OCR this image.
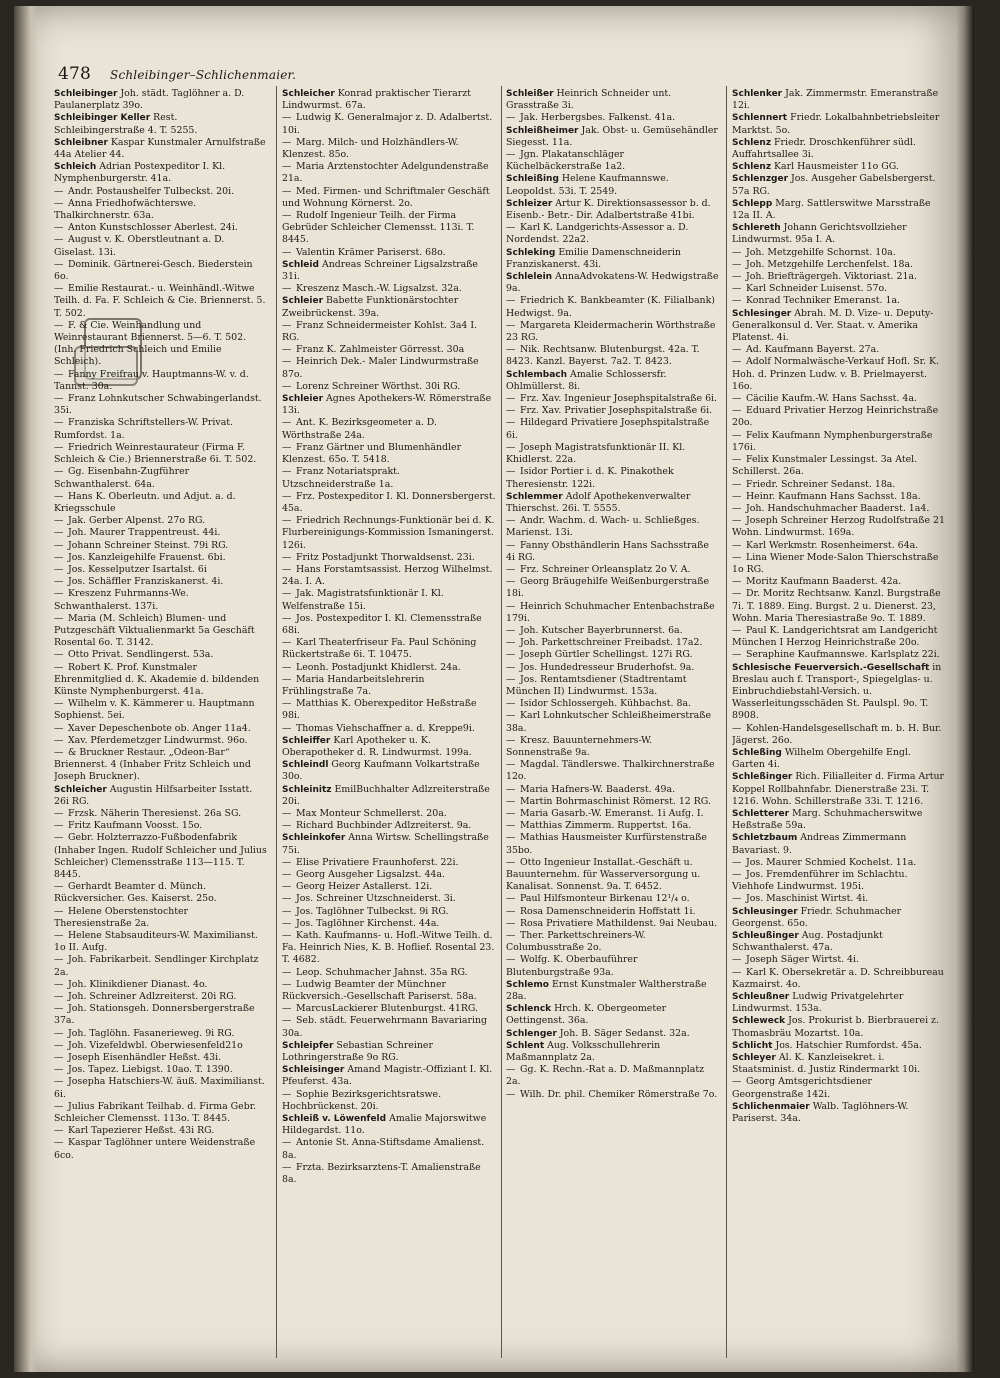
478 Schleibinger–Schlichenmaier.

Schleibinger Joh. städt. Taglöhner a. D. Paulanerplatz 39o.

Schleibinger Keller Rest. Schleibingerstraße 4. T. 5255.

Schleibner Kaspar Kunstmaler Arnulfstraße 44a Atelier 44.

Schleich Adrian Postexpeditor I. Kl. Nymphenburgerstr. 41a.

— Andr. Postaushelfer Tulbeckst. 20i.

— Anna Friedhofwächterswe. Thalkirchnerstr. 63a.

— Anton Kunstschlosser Aberlest. 24i.

— August v. K. Oberstleutnant a. D. Giselast. 13i.

— Dominik. Gärtnerei-Gesch. Biederstein 6o.

— Emilie Restaurat.- u. Weinhändl.-Witwe Teilh. d. Fa. F. Schleich & Cie. Briennerst. 5. T. 502.

— F. & Cie. Weinhandlung und Weinrestaurant Briennerst. 5—6. T. 502. (Inh. Friedrich Schleich und Emilie Schleich).

— Fanny Freifrau v. Hauptmanns-W. v. d. Tannst. 30a.

— Franz Lohnkutscher Schwabingerlandst. 35i.

— Franziska Schriftstellers-W. Privat. Rumfordst. 1a.

— Friedrich Weinrestaurateur (Firma F. Schleich & Cie.) Briennerstraße 6i. T. 502.

— Gg. Eisenbahn-Zugführer Schwanthalerst. 64a.

— Hans K. Oberleutn. und Adjut. a. d. Kriegsschule

— Jak. Gerber Alpenst. 27o RG.

— Joh. Maurer Trappentreust. 44i.

— Johann Schreiner Steinst. 79i RG.

— Jos. Kanzleigehilfe Frauenst. 6bi.

— Jos. Kesselputzer Isartalst. 6i

— Jos. Schäffler Franziskanerst. 4i.

— Kreszenz Fuhrmanns-We. Schwanthalerst. 137i.

— Maria (M. Schleich) Blumen- und Putzgeschäft Viktualienmarkt 5a Geschäft Rosental 6o. T. 3142.

— Otto Privat. Sendlingerst. 53a.

— Robert K. Prof. Kunstmaler Ehrenmitglied d. K. Akademie d. bildenden Künste Nymphenburgerst. 41a.

— Wilhelm v. K. Kämmerer u. Hauptmann Sophienst. 5ei.

— Xaver Depeschenbote ob. Anger 11a4.

— Xav. Pferdemetzger Lindwurmst. 96o.

— & Bruckner Restaur. „Odeon-Bar“ Briennerst. 4 (Inhaber Fritz Schleich und Joseph Bruckner).

Schleicher Augustin Hilfsarbeiter Isstatt. 26i RG.

— Frzsk. Näherin Theresienst. 26a SG.

— Fritz Kaufmann Voosst. 15o.

— Gebr. Holzterrazzo-Fußbodenfabrik (Inhaber Ingen. Rudolf Schleicher und Julius Schleicher) Clemensstraße 113—115. T. 8445.

— Gerhardt Beamter d. Münch. Rückversicher. Ges. Kaiserst. 25o.

— Helene Oberstenstochter Theresienstraße 2a.

— Helene Stabsauditeurs-W. Maximilianst. 1o II. Aufg.

— Joh. Fabrikarbeit. Sendlinger Kirchplatz 2a.

— Joh. Klinikdiener Dianast. 4o.

— Joh. Schreiner Adlzreiterst. 20i RG.

— Joh. Stationsgeh. Donnersbergerstraße 37a.

— Joh. Taglöhn. Fasanerieweg. 9i RG.

— Joh. Vizefeldwbl. Oberwiesenfeld21o

— Joseph Eisenhändler Heßst. 43i.

— Jos. Tapez. Liebigst. 10ao. T. 1390.

— Josepha Hatschiers-W. äuß. Maximilianst. 6i.

— Julius Fabrikant Teilhab. d. Firma Gebr. Schleicher Clemensst. 113o. T. 8445.

— Karl Tapezierer Heßst. 43i RG.

— Kaspar Taglöhner untere Weidenstraße 6co.

Schleicher Konrad praktischer Tierarzt Lindwurmst. 67a.

— Ludwig K. Generalmajor z. D. Adalbertst. 10i.

— Marg. Milch- und Holzhändlers-W. Klenzest. 85o.

— Maria Arztenstochter Adelgundenstraße 21a.

— Med. Firmen- und Schriftmaler Geschäft und Wohnung Körnerst. 2o.

— Rudolf Ingenieur Teilh. der Firma Gebrüder Schleicher Clemensst. 113i. T. 8445.

— Valentin Krämer Pariserst. 68o.

Schleid Andreas Schreiner Ligsalzstraße 31i.

— Kreszenz Masch.-W. Ligsalzst. 32a.

Schleier Babette Funktionärstochter Zweibrückenst. 39a.

— Franz Schneidermeister Kohlst. 3a4 I. RG.

— Franz K. Zahlmeister Görresst. 30a

— Heinrich Dek.- Maler Lindwurmstraße 87o.

— Lorenz Schreiner Wörthst. 30i RG.

Schleier Agnes Apothekers-W. Römerstraße 13i.

— Ant. K. Bezirksgeometer a. D. Wörthstraße 24a.

— Franz Gärtner und Blumenhändler Klenzest. 65o. T. 5418.

— Franz Notariatsprakt. Utzschneiderstraße 1a.

— Frz. Postexpeditor I. Kl. Donnersbergerst. 45a.

— Friedrich Rechnungs-Funktionär bei d. K. Flurbereinigungs-Kommission Ismaningerst. 126i.

— Fritz Postadjunkt Thorwaldsenst. 23i.

— Hans Forstamtsassist. Herzog Wilhelmst. 24a. I. A.

— Jak. Magistratsfunktionär I. Kl. Welfenstraße 15i.

— Jos. Postexpeditor I. Kl. Clemensstraße 68i.

— Karl Theaterfriseur Fa. Paul Schöning Rückertstraße 6i. T. 10475.

— Leonh. Postadjunkt Khidlerst. 24a.

— Maria Handarbeitslehrerin Frühlingstraße 7a.

— Matthias K. Oberexpeditor Heßstraße 98i.

— Thomas Viehschaffner a. d. Kreppe9i.

Schleiffer Karl Apotheker u. K. Oberapotheker d. R. Lindwurmst. 199a.

Schleindl Georg Kaufmann Volkartstraße 30o.

Schleinitz EmilBuchhalter Adlzreiterstraße 20i.

— Max Monteur Schmellerst. 20a.

— Richard Buchbinder Adlzreiterst. 9a.

Schleinkofer Anna Wirtsw. Schellingstraße 75i.

— Elise Privatiere Fraunhoferst. 22i.

— Georg Ausgeher Ligsalzst. 44a.

— Georg Heizer Astallerst. 12i.

— Jos. Schreiner Utzschneiderst. 3i.

— Jos. Taglöhner Tulbeckst. 9i RG.

— Jos. Taglöhner Kirchenst. 44a.

— Kath. Kaufmanns- u. Hofl.-Witwe Teilh. d. Fa. Heinrich Nies, K. B. Hoflief. Rosental 23. T. 4682.

— Leop. Schuhmacher Jahnst. 35a RG.

— Ludwig Beamter der Münchner Rückversich.-Gesellschaft Pariserst. 58a.

— MarcusLackierer Blutenburgst. 41RG.

— Seb. städt. Feuerwehrmann Bavariaring 30a.

Schleipfer Sebastian Schreiner Lothringerstraße 9o RG.

Schleisinger Amand Magistr.-Offiziant I. Kl. Pfeuferst. 43a.

— Sophie Bezirksgerichtsratswe. Hochbrückenst. 20i.

Schleiß v. Löwenfeld Amalie Majorswitwe Hildegardst. 11o.

— Antonie St. Anna-Stiftsdame Amalienst. 8a.

— Frzta. Bezirksarztens-T. Amalienstraße 8a.

Schleißer Heinrich Schneider unt. Grasstraße 3i.

— Jak. Herbergsbes. Falkenst. 41a.

Schleißheimer Jak. Obst- u. Gemüsehändler Siegesst. 11a.

— Jgn. Plakatanschläger Küchelbäckerstraße 1a2.

Schleißing Helene Kaufmannswe. Leopoldst. 53i. T. 2549.

Schleizer Artur K. Direktionsassessor b. d. Eisenb.- Betr.- Dir. Adalbertstraße 41bi.

— Karl K. Landgerichts-Assessor a. D. Nordendst. 22a2.

Schleking Emilie Damenschneiderin Franziskanerst. 43i.

Schlelein AnnaAdvokatens-W. Hedwigstraße 9a.

— Friedrich K. Bankbeamter (K. Filialbank) Hedwigst. 9a.

— Margareta Kleidermacherin Wörthstraße 23 RG.

— Nik. Rechtsanw. Blutenburgst. 42a. T. 8423. Kanzl. Bayerst. 7a2. T. 8423.

Schlembach Amalie Schlossersfr. Ohlmüllerst. 8i.

— Frz. Xav. Ingenieur Josephspitalstraße 6i.

— Frz. Xav. Privatier Josephspitalstraße 6i.

— Hildegard Privatiere Josephspitalstraße 6i.

— Joseph Magistratsfunktionär II. Kl. Khidlerst. 22a.

— Isidor Portier i. d. K. Pinakothek Theresienstr. 122i.

Schlemmer Adolf Apothekenverwalter Thierschst. 26i. T. 5555.

— Andr. Wachm. d. Wach- u. Schließges. Marienst. 13i.

— Fanny Obsthändlerin Hans Sachsstraße 4i RG.

— Frz. Schreiner Orleansplatz 2o V. A.

— Georg Bräugehilfe Weißenburgerstraße 18i.

— Heinrich Schuhmacher Entenbachstraße 179i.

— Joh. Kutscher Bayerbrunnerst. 6a.

— Joh. Parkettschreiner Freibadst. 17a2.

— Joseph Gürtler Schellingst. 127i RG.

— Jos. Hundedresseur Bruderhofst. 9a.

— Jos. Rentamtsdiener (Stadtrentamt München II) Lindwurmst. 153a.

— Isidor Schlossergeh. Kühbachst. 8a.

— Karl Lohnkutscher Schleißheimerstraße 38a.

— Kresz. Bauunternehmers-W. Sonnenstraße 9a.

— Magdal. Tändlerswe. Thalkirchnerstraße 12o.

— Maria Hafners-W. Baaderst. 49a.

— Martin Bohrmaschinist Römerst. 12 RG.

— Maria Gasarb.-W. Emeranst. 1i Aufg. I.

— Matthias Zimmerm. Ruppertst. 16a.

— Mathias Hausmeister Kurfürstenstraße 35bo.

— Otto Ingenieur Installat.-Geschäft u. Bauunternehm. für Wasserversorgung u. Kanalisat. Sonnenst. 9a. T. 6452.

— Paul Hilfsmonteur Birkenau 12¹/₄ o.

— Rosa Damenschneiderin Hoffstatt 1i.

— Rosa Privatiere Mathildenst. 9ai Neubau.

— Ther. Parkettschreiners-W. Columbusstraße 2o.

— Wolfg. K. Oberbauführer Blutenburgstraße 93a.

Schlemo Ernst Kunstmaler Waltherstraße 28a.

Schlenck Hrch. K. Obergeometer Oettingenst. 36a.

Schlenger Joh. B. Säger Sedanst. 32a.

Schlent Aug. Volksschullehrerin Maßmannplatz 2a.

— Gg. K. Rechn.-Rat a. D. Maßmannplatz 2a.

— Wilh. Dr. phil. Chemiker Römerstraße 7o.

Schlenker Jak. Zimmermstr. Emeranstraße 12i.

Schlennert Friedr. Lokalbahnbetriebsleiter Marktst. 5o.

Schlenz Friedr. Droschkenführer südl. Auffahrtsallee 3i.

Schlenz Karl Hausmeister 11o GG.

Schlenzger Jos. Ausgeher Gabelsbergerst. 57a RG.

Schlepp Marg. Sattlerswitwe Marsstraße 12a II. A.

Schlereth Johann Gerichtsvollzieher Lindwurmst. 95a I. A.

— Joh. Metzgehilfe Schornst. 10a.

— Joh. Metzgehilfe Lerchenfelst. 18a.

— Joh. Briefträgergeh. Viktoriast. 21a.

— Karl Schneider Luisenst. 57o.

— Konrad Techniker Emeranst. 1a.

Schlesinger Abrah. M. D. Vize- u. Deputy-Generalkonsul d. Ver. Staat. v. Amerika Platenst. 4i.

— Ad. Kaufmann Bayerst. 27a.

— Adolf Normalwäsche-Verkauf Hofl. Sr. K. Hoh. d. Prinzen Ludw. v. B. Prielmayerst. 16o.

— Cäcilie Kaufm.-W. Hans Sachsst. 4a.

— Eduard Privatier Herzog Heinrichstraße 20o.

— Felix Kaufmann Nymphenburgerstraße 176i.

— Felix Kunstmaler Lessingst. 3a Atel. Schillerst. 26a.

— Friedr. Schreiner Sedanst. 18a.

— Heinr. Kaufmann Hans Sachsst. 18a.

— Joh. Handschuhmacher Baaderst. 1a4.

— Joseph Schreiner Herzog Rudolfstraße 21 Wohn. Lindwurmst. 169a.

— Karl Werkmstr. Rosenheimerst. 64a.

— Lina Wiener Mode-Salon Thierschstraße 1o RG.

— Moritz Kaufmann Baaderst. 42a.

— Dr. Moritz Rechtsanw. Kanzl. Burgstraße 7i. T. 1889. Eing. Burgst. 2 u. Dienerst. 23, Wohn. Maria Theresiastraße 9o. T. 1889.

— Paul K. Landgerichtsrat am Landgericht München I Herzog Heinrichstraße 20o.

— Seraphine Kaufmannswe. Karlsplatz 22i.

Schlesische Feuerversich.-Gesellschaft in Breslau auch f. Transport-, Spiegelglas- u. Einbruchdiebstahl-Versich. u. Wasserleitungsschäden St. Paulspl. 9o. T. 8908.

— Kohlen-Handelsgesellschaft m. b. H. Bur. Jägerst. 26o.

Schleßing Wilhelm Obergehilfe Engl. Garten 4i.

Schleßinger Rich. Filialleiter d. Firma Artur Koppel Rollbahnfabr. Dienerstraße 23i. T. 1216. Wohn. Schillerstraße 33i. T. 1216.

Schletterer Marg. Schuhmacherswitwe Heßstraße 59a.

Schletzbaum Andreas Zimmermann Bavariast. 9.

— Jos. Maurer Schmied Kochelst. 11a.

— Jos. Fremdenführer im Schlachtu. Viehhofe Lindwurmst. 195i.

— Jos. Maschinist Wirtst. 4i.

Schleusinger Friedr. Schuhmacher Georgenst. 65o.

Schleußinger Aug. Postadjunkt Schwanthalerst. 47a.

— Joseph Säger Wirtst. 4i.

— Karl K. Obersekretär a. D. Schreibbureau Kazmairst. 4o.

Schleußner Ludwig Privatgelehrter Lindwurmst. 153a.

Schleweck Jos. Prokurist b. Bierbrauerei z. Thomasbräu Mozartst. 10a.

Schlicht Jos. Hatschier Rumfordst. 45a.

Schleyer Al. K. Kanzleisekret. i. Staatsminist. d. Justiz Rindermarkt 10i.

— Georg Amtsgerichtsdiener Georgenstraße 142i.

Schlichenmaier Walb. Taglöhners-W. Pariserst. 34a.
